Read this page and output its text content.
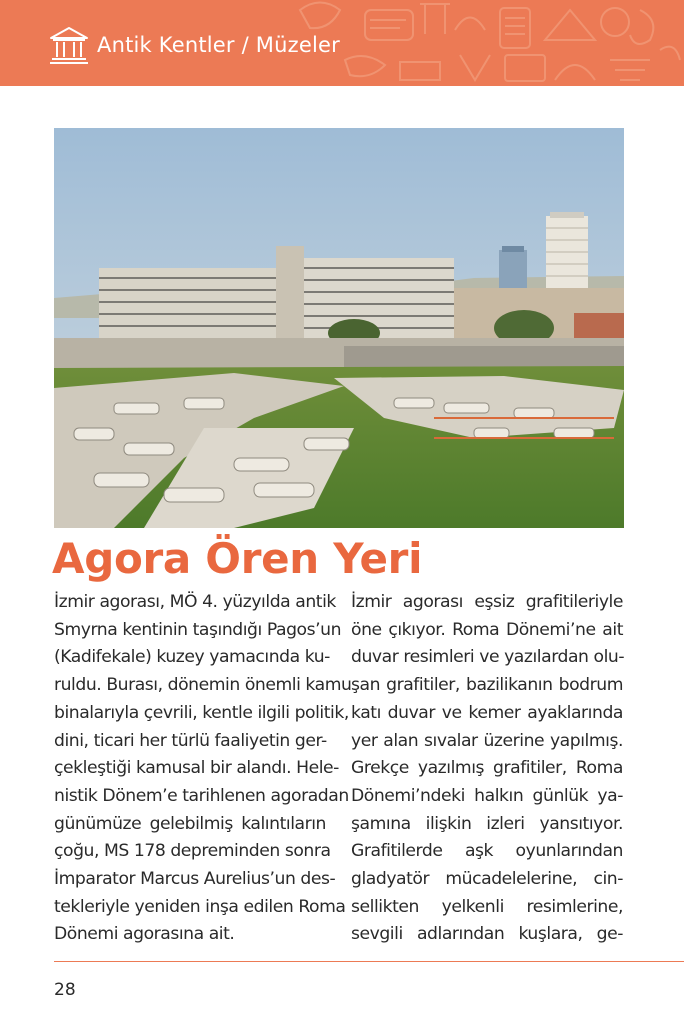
Antik Kentler / Müzeler
Agora Ören Yeri
İzmir agorası, MÖ 4. yüzyılda antik
Smyrna kentinin taşındığı Pagos’un
(Kadifekale) kuzey yamacında ku-
ruldu. Burası, dönemin önemli kamu
binalarıyla çevrili, kentle ilgili politik,
dini, ticari her türlü faaliyetin ger-
çekleştiği kamusal bir alandı. Hele-
nistik Dönem’e tarihlenen agoradan
günümüze gelebilmiş kalıntıların
çoğu, MS 178 depreminden sonra
İmparator Marcus Aurelius’un des-
tekleriyle yeniden inşa edilen Roma
Dönemi agorasına ait.
İzmir agorası eşsiz grafitileriyle
öne çıkıyor. Roma Dönemi’ne ait
duvar resimleri ve yazılardan olu-
şan grafitiler, bazilikanın bodrum
katı duvar ve kemer ayaklarında
yer alan sıvalar üzerine yapılmış.
Grekçe yazılmış grafitiler, Roma
Dönemi’ndeki halkın günlük ya-
şamına ilişkin izleri yansıtıyor.
Grafitilerde aşk oyunlarından
gladyatör mücadelelerine, cin-
sellikten yelkenli resimlerine,
sevgili adlarından kuşlara, ge-
28
